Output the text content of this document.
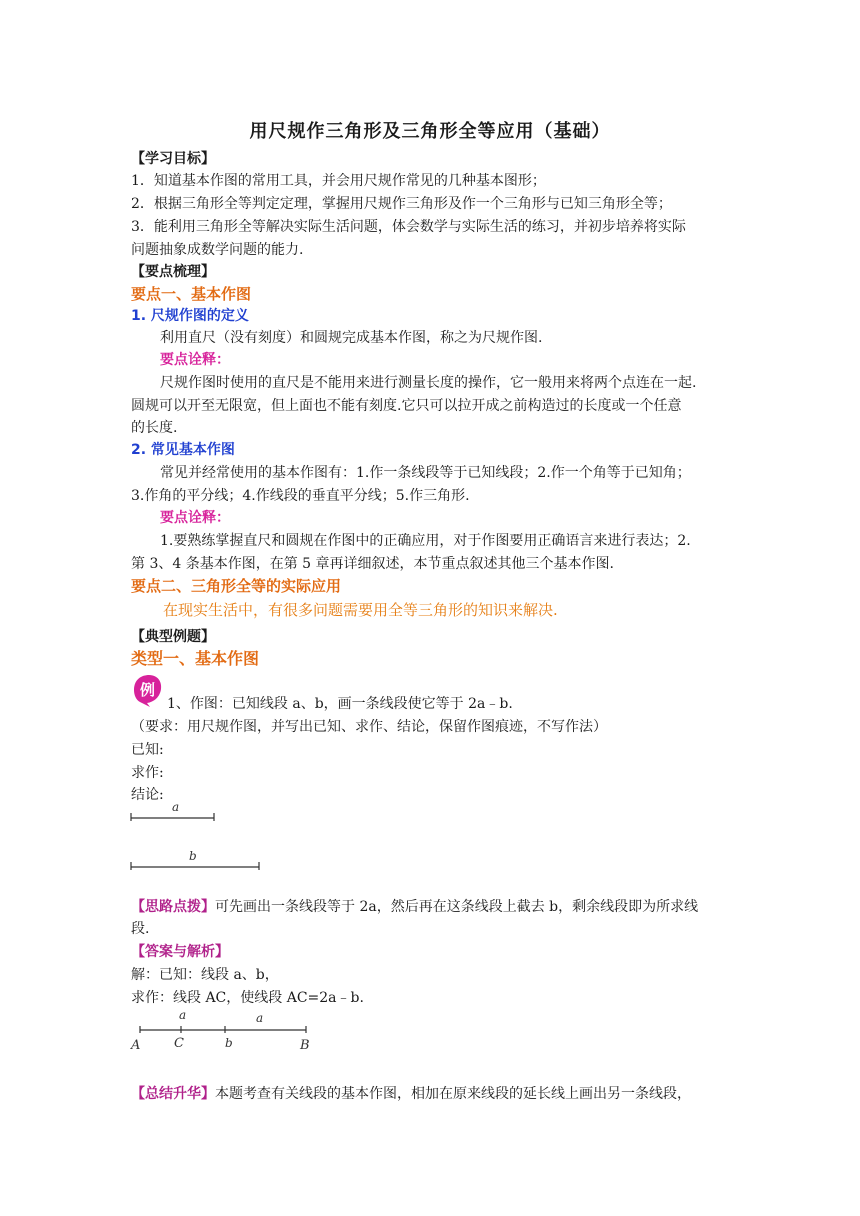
用尺规作三角形及三角形全等应用（基础）
【学习目标】
1．知道基本作图的常用工具，并会用尺规作常见的几种基本图形；
2．根据三角形全等判定定理，掌握用尺规作三角形及作一个三角形与已知三角形全等；
3．能利用三角形全等解决实际生活问题，体会数学与实际生活的练习，并初步培养将实际
问题抽象成数学问题的能力.
【要点梳理】
要点一、基本作图
1. 尺规作图的定义
利用直尺（没有刻度）和圆规完成基本作图，称之为尺规作图.
要点诠释：
尺规作图时使用的直尺是不能用来进行测量长度的操作，它一般用来将两个点连在一起.
圆规可以开至无限宽，但上面也不能有刻度.它只可以拉开成之前构造过的长度或一个任意
的长度.
2. 常见基本作图
常见并经常使用的基本作图有：1.作一条线段等于已知线段；2.作一个角等于已知角；
3.作角的平分线；4.作线段的垂直平分线；5.作三角形.
要点诠释：
1.要熟练掌握直尺和圆规在作图中的正确应用，对于作图要用正确语言来进行表达；2.
第 3、4 条基本作图，在第 5 章再详细叙述，本节重点叙述其他三个基本作图.
要点二、三角形全等的实际应用
在现实生活中，有很多问题需要用全等三角形的知识来解决.
【典型例题】
类型一、基本作图
例
1、作图：已知线段 a、b，画一条线段使它等于 2a﹣b.
（要求：用尺规作图，并写出已知、求作、结论，保留作图痕迹，不写作法）
已知:
求作:
结论:
a
b
【思路点拨】可先画出一条线段等于 2a，然后再在这条线段上截去 b，剩余线段即为所求线
段.
【答案与解析】
解：已知：线段 a、b，
求作：线段 AC，使线段 AC=2a﹣b.
a	a
A	C	b	B
【总结升华】本题考查有关线段的基本作图，相加在原来线段的延长线上画出另一条线段，
